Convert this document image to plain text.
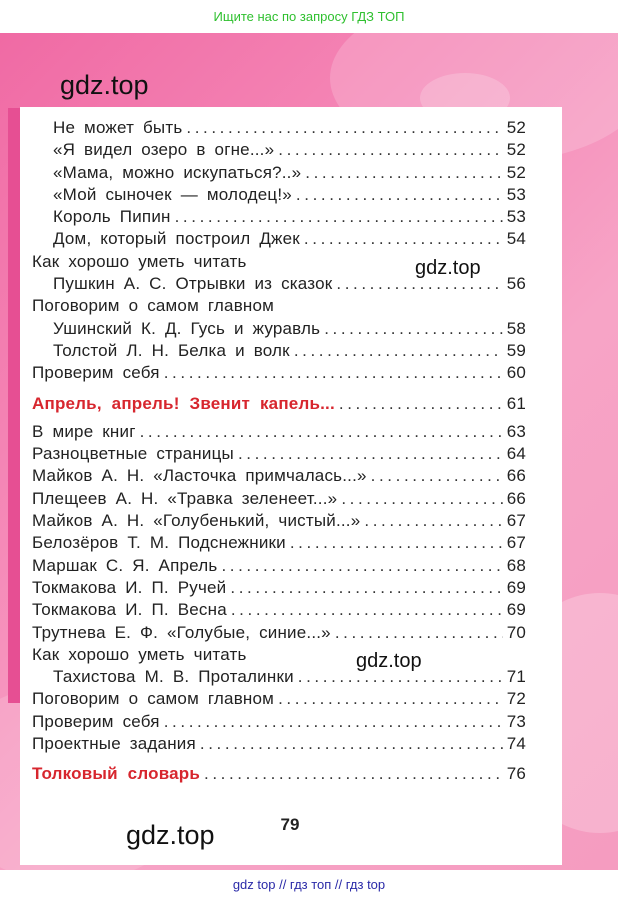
Ищите нас по запросу ГДЗ ТОП
Не может быть .....	52
«Я видел озеро в огне...» .....	52
«Мама, можно искупаться?..» .....	52
«Мой сыночек — молодец!» .....	53
Король Пипин .....	53
Дом, который построил Джек .....	54
Как хорошо уметь читать
Пушкин А. С. Отрывки из сказок .....	56
Поговорим о самом главном
Ушинский К. Д. Гусь и журавль .....	58
Толстой Л. Н. Белка и волк .....	59
Проверим себя .....	60
Апрель, апрель! Звенит капель... .....	61
В мире книг .....	63
Разноцветные страницы .....	64
Майков А. Н. «Ласточка примчалась...» .....	66
Плещеев А. Н. «Травка зеленеет...» .....	66
Майков А. Н. «Голубенький, чистый...» .....	67
Белозёров Т. М. Подснежники .....	67
Маршак С. Я. Апрель .....	68
Токмакова И. П. Ручей .....	69
Токмакова И. П. Весна .....	69
Трутнева Е. Ф. «Голубые, синие...» .....	70
Как хорошо уметь читать
Тахистова М. В. Проталинки .....	71
Поговорим о самом главном .....	72
Проверим себя .....	73
Проектные задания .....	74
Толковый словарь .....	76
gdz.top
gdz.top
gdz.top
gdz.top	79
gdz top // гдз топ // гдз top
